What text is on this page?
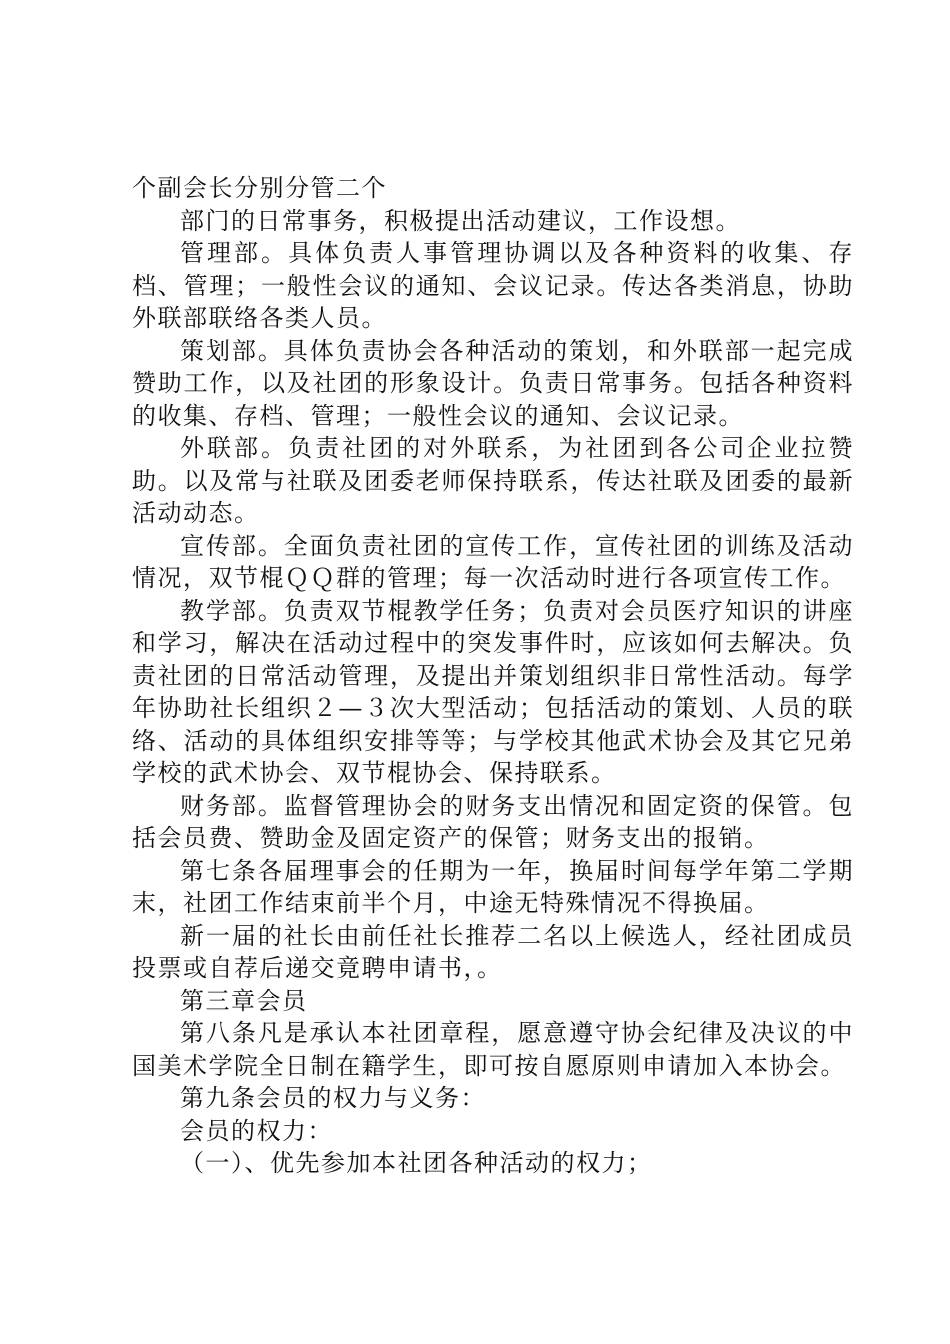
个副会长分别分管二个

部门的日常事务，积极提出活动建议，工作设想。

管理部。具体负责人事管理协调以及各种资料的收集、存档、管理；一般性会议的通知、会议记录。传达各类消息，协助外联部联络各类人员。

策划部。具体负责协会各种活动的策划，和外联部一起完成赞助工作，以及社团的形象设计。负责日常事务。包括各种资料的收集、存档、管理；一般性会议的通知、会议记录。

外联部。负责社团的对外联系，为社团到各公司企业拉赞助。以及常与社联及团委老师保持联系，传达社联及团委的最新活动动态。

宣传部。全面负责社团的宣传工作，宣传社团的训练及活动情况，双节棍ＱＱ群的管理；每一次活动时进行各项宣传工作。

教学部。负责双节棍教学任务；负责对会员医疗知识的讲座和学习，解决在活动过程中的突发事件时，应该如何去解决。负责社团的日常活动管理，及提出并策划组织非日常性活动。每学年协助社长组织２—３次大型活动；包括活动的策划、人员的联络、活动的具体组织安排等等；与学校其他武术协会及其它兄弟学校的武术协会、双节棍协会、保持联系。

财务部。监督管理协会的财务支出情况和固定资的保管。包括会员费、赞助金及固定资产的保管；财务支出的报销。

第七条各届理事会的任期为一年，换届时间每学年第二学期末，社团工作结束前半个月，中途无特殊情况不得换届。

新一届的社长由前任社长推荐二名以上候选人，经社团成员投票或自荐后递交竟聘申请书，。

第三章会员

第八条凡是承认本社团章程，愿意遵守协会纪律及决议的中国美术学院全日制在籍学生，即可按自愿原则申请加入本协会。

第九条会员的权力与义务：

会员的权力：

（一）、优先参加本社团各种活动的权力；
